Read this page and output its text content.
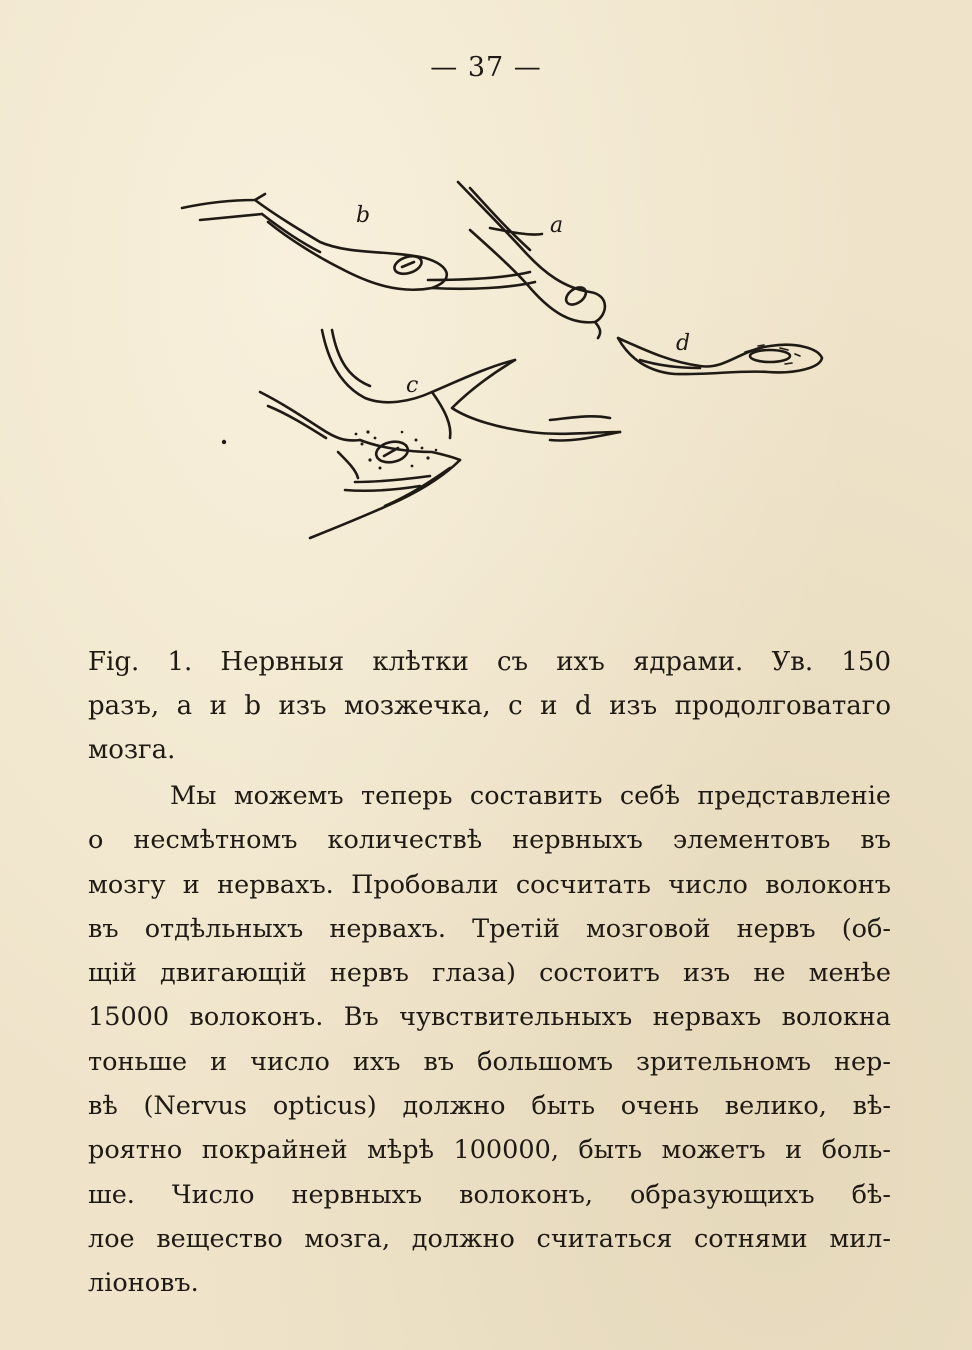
— 37 —
b	a
d
c
Fig. 1. Нервныя клѣтки съ ихъ ядрами. Ув. 150
разъ, a и b изъ мозжечка, c и d изъ продолговатаго
мозга.
Мы можемъ теперь составить себѣ представленіе
о несмѣтномъ количествѣ нервныхъ элементовъ въ
мозгу и нервахъ. Пробовали сосчитать число волоконъ
въ отдѣльныхъ нервахъ. Третій мозговой нервъ (об-
щій двигающій нервъ глаза) состоитъ изъ не менѣе
15000 волоконъ. Въ чувствительныхъ нервахъ волокна
тоньше и число ихъ въ большомъ зрительномъ нер-
вѣ (Nervus opticus) должно быть очень велико, вѣ-
роятно покрайней мѣрѣ 100000, быть можетъ и боль-
ше. Число нервныхъ волоконъ, образующихъ бѣ-
лое вещество мозга, должно считаться сотнями мил-
ліоновъ.
